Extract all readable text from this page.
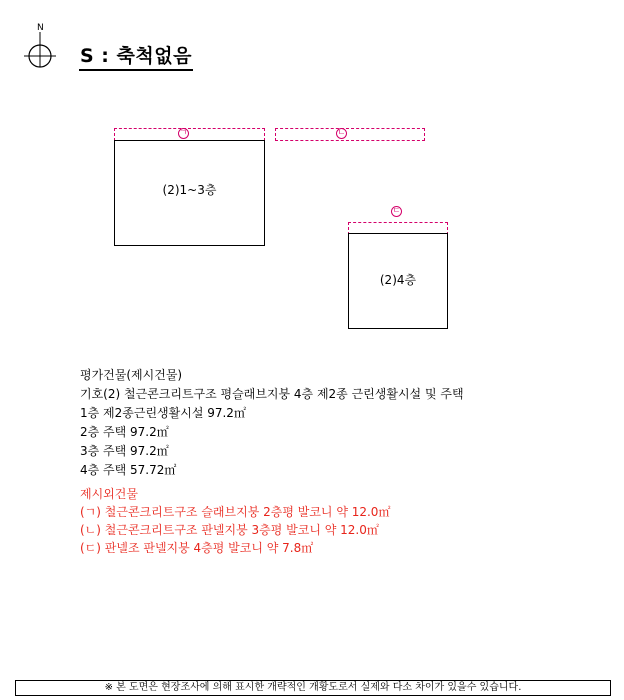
N
S : 축척없음
ㄱ
(2)1~3층
ㄴ
ㄷ
(2)4층
평가건물(제시건물)
기호(2) 철근콘크리트구조 평슬래브지붕 4층 제2종 근린생활시설 및 주택
1층 제2종근린생활시설 97.2㎡
2층 주택 97.2㎡
3층 주택 97.2㎡
4층 주택 57.72㎡
제시외건물
(ㄱ) 철근콘크리트구조 슬래브지붕 2층평 발코니 약 12.0㎡
(ㄴ) 철근콘크리트구조 판넬지붕 3층평 발코니 약 12.0㎡
(ㄷ) 판넬조 판넬지붕 4층평 발코니 약 7.8㎡
※ 본 도면은 현장조사에 의해 표시한 개략적인 개황도로서 실제와 다소 차이가 있을수 있습니다.
